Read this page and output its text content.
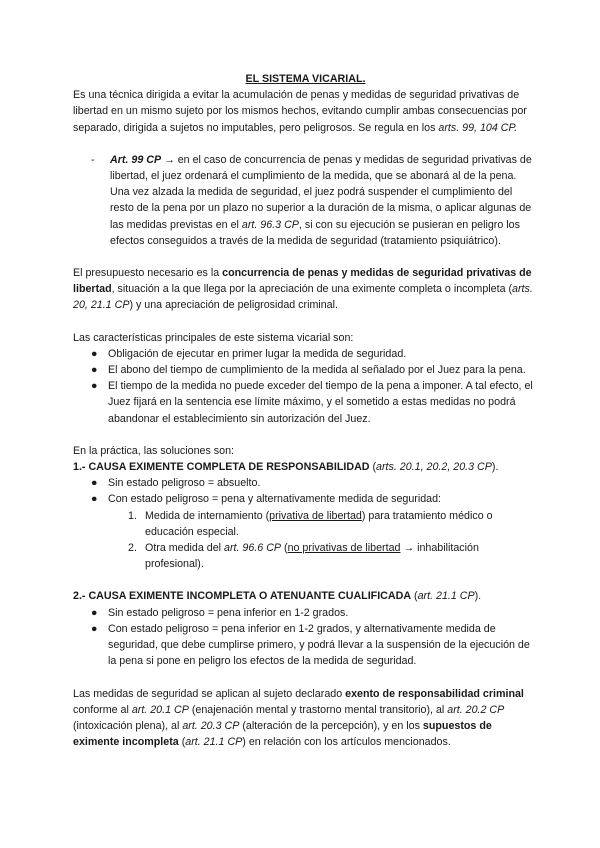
EL SISTEMA VICARIAL.

Es una técnica dirigida a evitar la acumulación de penas y medidas de seguridad privativas de libertad en un mismo sujeto por los mismos hechos, evitando cumplir ambas consecuencias por separado, dirigida a sujetos no imputables, pero peligrosos. Se regula en los arts. 99, 104 CP.

-	Art. 99 CP → en el caso de concurrencia de penas y medidas de seguridad privativas de libertad, el juez ordenará el cumplimiento de la medida, que se abonará al de la pena. Una vez alzada la medida de seguridad, el juez podrá suspender el cumplimiento del resto de la pena por un plazo no superior a la duración de la misma, o aplicar algunas de las medidas previstas en el art. 96.3 CP, si con su ejecución se pusieran en peligro los efectos conseguidos a través de la medida de seguridad (tratamiento psiquiátrico).

El presupuesto necesario es la concurrencia de penas y medidas de seguridad privativas de libertad, situación a la que llega por la apreciación de una eximente completa o incompleta (arts. 20, 21.1 CP) y una apreciación de peligrosidad criminal.

Las características principales de este sistema vicarial son:

● Obligación de ejecutar en primer lugar la medida de seguridad.
● El abono del tiempo de cumplimiento de la medida al señalado por el Juez para la pena.
● El tiempo de la medida no puede exceder del tiempo de la pena a imponer. A tal efecto, el Juez fijará en la sentencia ese límite máximo, y el sometido a estas medidas no podrá abandonar el establecimiento sin autorización del Juez.

En la práctica, las soluciones son:

1.- CAUSA EXIMENTE COMPLETA DE RESPONSABILIDAD (arts. 20.1, 20.2, 20.3 CP).

● Sin estado peligroso = absuelto.
● Con estado peligroso = pena y alternativamente medida de seguridad:
1. Medida de internamiento (privativa de libertad) para tratamiento médico o educación especial.
2. Otra medida del art. 96.6 CP (no privativas de libertad → inhabilitación profesional).

2.- CAUSA EXIMENTE INCOMPLETA O ATENUANTE CUALIFICADA (art. 21.1 CP).

● Sin estado peligroso = pena inferior en 1-2 grados.
● Con estado peligroso = pena inferior en 1-2 grados, y alternativamente medida de seguridad, que debe cumplirse primero, y podrá llevar a la suspensión de la ejecución de la pena si pone en peligro los efectos de la medida de seguridad.

Las medidas de seguridad se aplican al sujeto declarado exento de responsabilidad criminal conforme al art. 20.1 CP (enajenación mental y trastorno mental transitorio), al art. 20.2 CP (intoxicación plena), al art. 20.3 CP (alteración de la percepción), y en los supuestos de eximente incompleta (art. 21.1 CP) en relación con los artículos mencionados.
